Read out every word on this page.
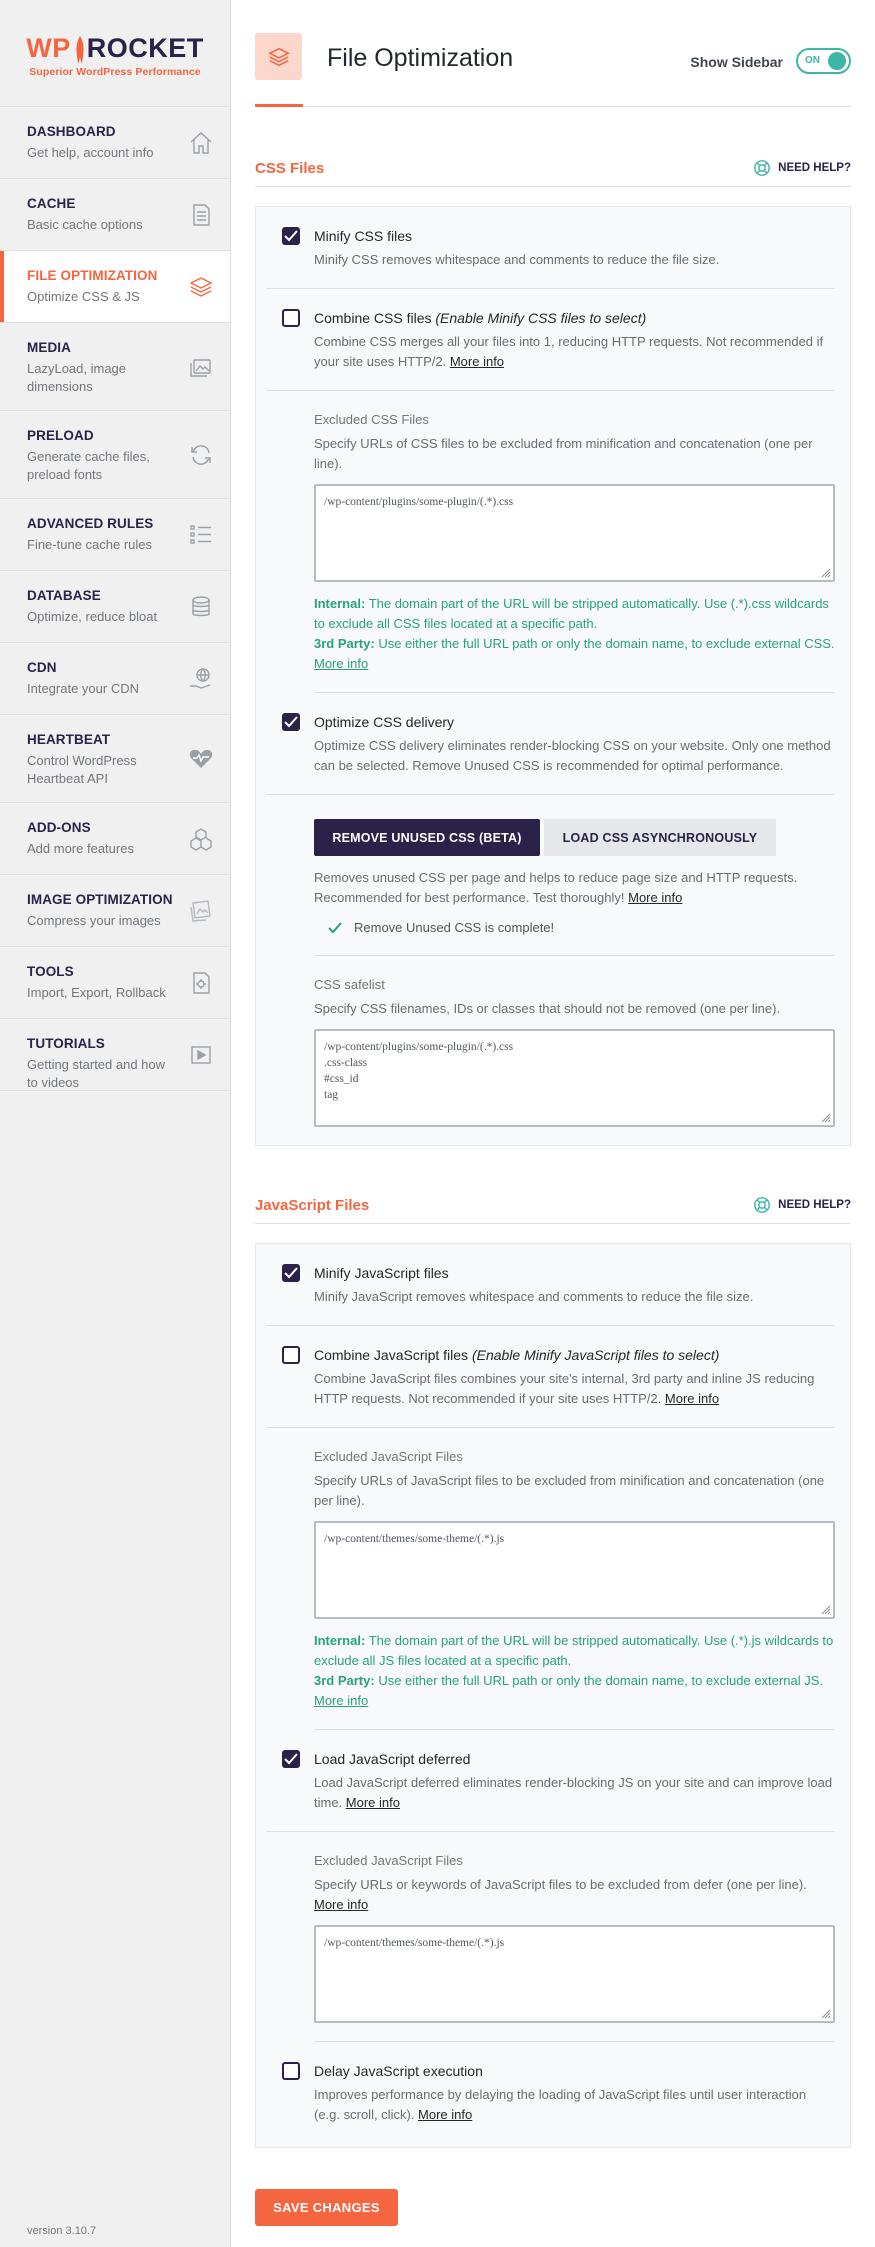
WP ROCKET
Superior WordPress Performance
DASHBOARD
Get help, account info
CACHE
Basic cache options
FILE OPTIMIZATION
Optimize CSS & JS
MEDIA
LazyLoad, image dimensions
PRELOAD
Generate cache files, preload fonts
ADVANCED RULES
Fine-tune cache rules
DATABASE
Optimize, reduce bloat
CDN
Integrate your CDN
HEARTBEAT
Control WordPress Heartbeat API
ADD-ONS
Add more features
IMAGE OPTIMIZATION
Compress your images
TOOLS
Import, Export, Rollback
TUTORIALS
Getting started and how to videos
version 3.10.7
File Optimization	Show Sidebar ON
CSS Files	NEED HELP?
Minify CSS files
Minify CSS removes whitespace and comments to reduce the file size.
Combine CSS files (Enable Minify CSS files to select)
Combine CSS merges all your files into 1, reducing HTTP requests. Not recommended if your site uses HTTP/2. More info
Excluded CSS Files
Specify URLs of CSS files to be excluded from minification and concatenation (one per line).
/wp-content/plugins/some-plugin/(.*).css
Internal: The domain part of the URL will be stripped automatically. Use (.*).css wildcards to exclude all CSS files located at a specific path.
3rd Party: Use either the full URL path or only the domain name, to exclude external CSS. More info
Optimize CSS delivery
Optimize CSS delivery eliminates render-blocking CSS on your website. Only one method can be selected. Remove Unused CSS is recommended for optimal performance.
REMOVE UNUSED CSS (BETA)	LOAD CSS ASYNCHRONOUSLY
Removes unused CSS per page and helps to reduce page size and HTTP requests. Recommended for best performance. Test thoroughly! More info
Remove Unused CSS is complete!
CSS safelist
Specify CSS filenames, IDs or classes that should not be removed (one per line).
/wp-content/plugins/some-plugin/(.*).css
.css-class
#css_id
tag
JavaScript Files	NEED HELP?
Minify JavaScript files
Minify JavaScript removes whitespace and comments to reduce the file size.
Combine JavaScript files (Enable Minify JavaScript files to select)
Combine JavaScript files combines your site's internal, 3rd party and inline JS reducing HTTP requests. Not recommended if your site uses HTTP/2. More info
Excluded JavaScript Files
Specify URLs of JavaScript files to be excluded from minification and concatenation (one per line).
/wp-content/themes/some-theme/(.*).js
Internal: The domain part of the URL will be stripped automatically. Use (.*).js wildcards to exclude all JS files located at a specific path.
3rd Party: Use either the full URL path or only the domain name, to exclude external JS. More info
Load JavaScript deferred
Load JavaScript deferred eliminates render-blocking JS on your site and can improve load time. More info
Excluded JavaScript Files
Specify URLs or keywords of JavaScript files to be excluded from defer (one per line). More info
/wp-content/themes/some-theme/(.*).js
Delay JavaScript execution
Improves performance by delaying the loading of JavaScript files until user interaction (e.g. scroll, click). More info
SAVE CHANGES
